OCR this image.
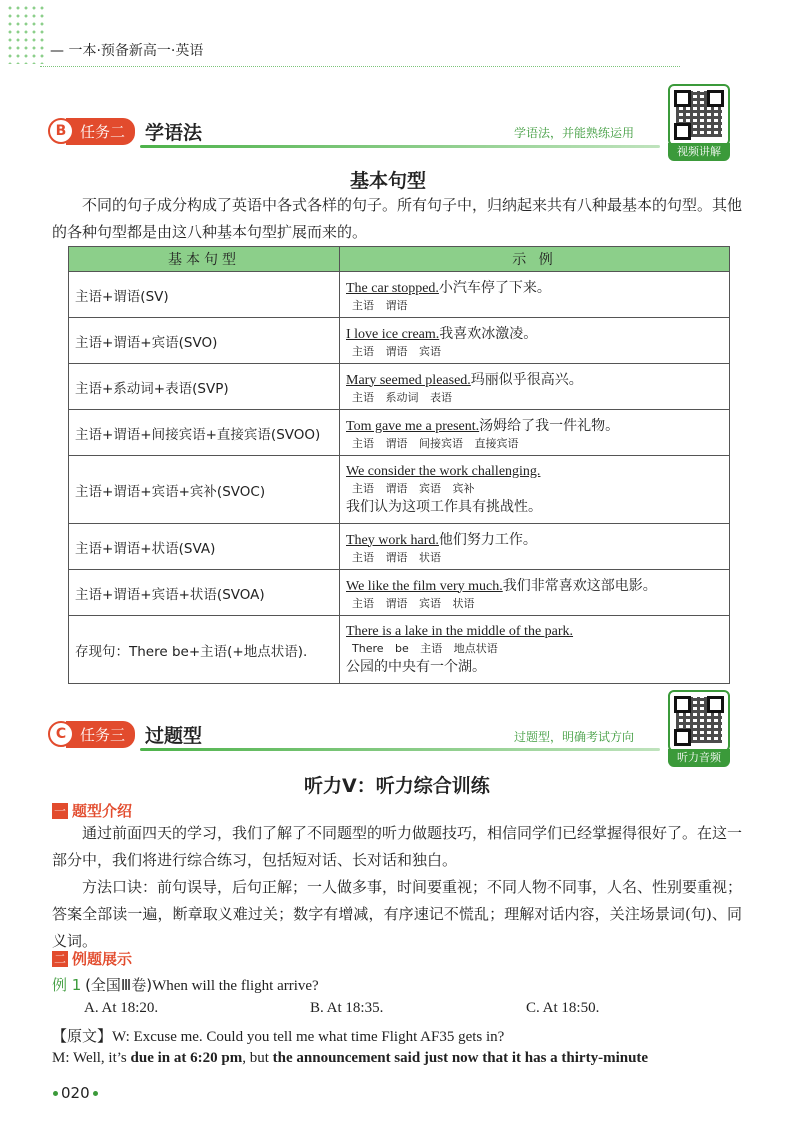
— 一本·预备新高一·英语
B 任务二	学语法	学语法，并能熟练运用
视频讲解
基本句型
不同的句子成分构成了英语中各式各样的句子。所有句子中，归纳起来共有八种最基本的句型。其他的各种句型都是由这八种基本句型扩展而来的。
基本句型	示 例
主语+谓语(SV)	The car stopped.小汽车停了下来。
主语 谓语

主语+谓语+宾语(SVO)	I love ice cream.我喜欢冰激凌。
主语 谓语 宾语

主语+系动词+表语(SVP)	Mary seemed pleased.玛丽似乎很高兴。
主语 系动词 表语

主语+谓语+间接宾语+直接宾语(SVOO)	Tom gave me a present.汤姆给了我一件礼物。
主语 谓语 间接宾语 直接宾语

主语+谓语+宾语+宾补(SVOC)	We consider the work challenging.
主语 谓语 宾语 宾补
我们认为这项工作具有挑战性。

主语+谓语+状语(SVA)	They work hard.他们努力工作。
主语 谓语 状语

主语+谓语+宾语+状语(SVOA)	We like the film very much.我们非常喜欢这部电影。
主语 谓语 宾语 状语

存现句：There be+主语(+地点状语).	There is a lake in the middle of the park.
There be 主语 地点状语
公园的中央有一个湖。
C 任务三	过题型	过题型，明确考试方向
听力音频
听力Ⅴ：听力综合训练
一 题型介绍
通过前面四天的学习，我们了解了不同题型的听力做题技巧，相信同学们已经掌握得很好了。在这一部分中，我们将进行综合练习，包括短对话、长对话和独白。
方法口诀：前句误导，后句正解；一人做多事，时间要重视；不同人物不同事，人名、性别要重视；答案全部读一遍，断章取义难过关；数字有增减，有序速记不慌乱；理解对话内容，关注场景词(句)、同义词。
二 例题展示
例 1 (全国Ⅲ卷)When will the flight arrive?
A. At 18:20.	B. At 18:35.	C. At 18:50.
【原文】W: Excuse me. Could you tell me what time Flight AF35 gets in?
M: Well, it’s due in at 6:20 pm, but the announcement said just now that it has a thirty-minute
020
